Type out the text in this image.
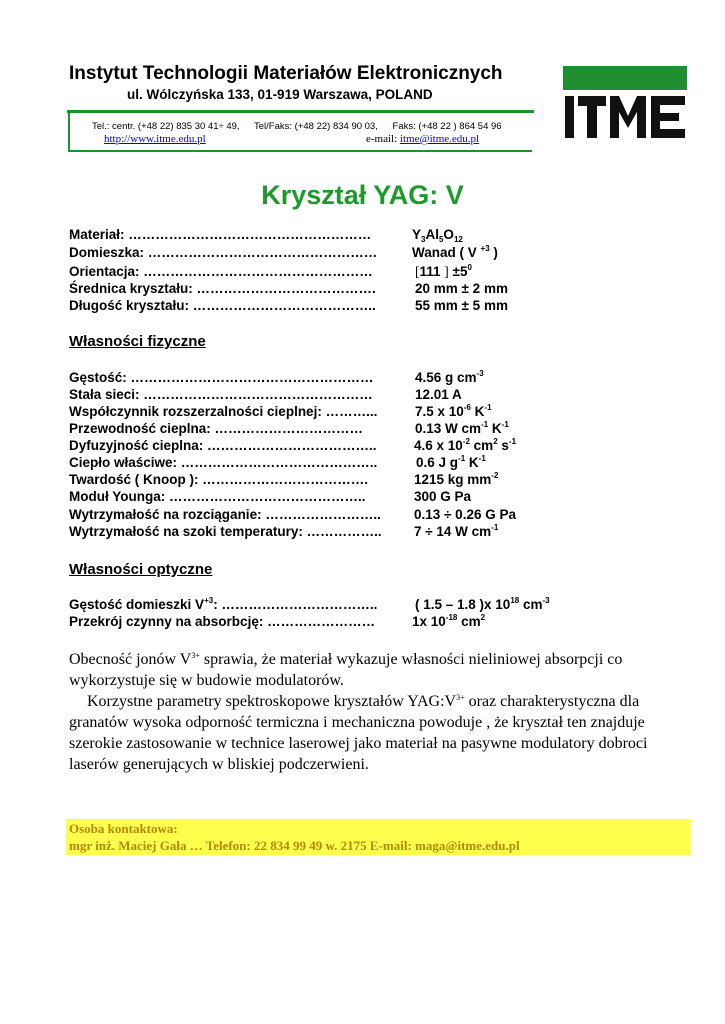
Instytut Technologii Materiałów Elektronicznych
ul. Wólczyńska 133, 01-919 Warszawa, POLAND
Tel.: centr. (+48 22) 835 30 41÷ 49, Tel/Faks: (+48 22) 834 90 03, Faks: (+48 22 ) 864 54 96
http://www.itme.edu.pl	e-mail: itme@itme.edu.pl
Kryształ YAG: V
Materiał: ………………………………………………	$Y_3Al_5O_{12}$
Domieszka: ……………………………………………	Wanad ( V $^{+3}$ )
Orientacja: ……………………………………………	[111 ] $\pm 5^0$
Średnica kryształu: ………………………………….	20 mm ± 2 mm
Długość kryształu: …………………………………..	55 mm ± 5 mm
Własności fizyczne
Gęstość: ………………………………………………	4.56 g $cm^{-3}$
Stała sieci: ……………………………………………	12.01 A
Współczynnik rozszerzalności cieplnej: ………...	7.5 x $10^{-6}$ $K^{-1}$
Przewodność cieplna: ……………………………	0.13 W $cm^{-1}$ $K^{-1}$
Dyfuzyjność cieplna: ………………………………..	4.6 x $10^{-2}$ $cm^2$ $s^{-1}$
Ciepło właściwe: ……………………………………..	0.6 J $g^{-1}$ $K^{-1}$
Twardość ( Knoop ): ……………………………….	1215 kg $mm^{-2}$
Moduł Younga: ……………………………………..	300 G Pa
Wytrzymałość na rozciąganie: …………………….. 0.13 ÷ 0.26 G Pa
Wytrzymałość na szoki temperatury: …………….. 7 ÷ 14 W $cm^{-1}$
Własności optyczne
Gęstość domieszki $V^{+3}$: ……………………………..	( 1.5 – 1.8 )x $10^{18}$ $cm^{-3}$
Przekrój czynny na absorbcję: ……………………	1x $10^{-18}$ $cm^2$

Obecność jonów $V^{3+}$ sprawia, że materiał wykazuje własności nieliniowej absorpcji co wykorzystuje się w budowie modulatorów.

Korzystne parametry spektroskopowe kryształów $YAG:V^{3+}$ oraz charakterystyczna dla granatów wysoka odporność termiczna i mechaniczna powoduje , że kryształ ten znajduje szerokie zastosowanie w technice laserowej jako materiał na pasywne modulatory dobroci laserów generujących w bliskiej podczerwieni.

Osoba kontaktowa:
mgr inż. Maciej Gała … Telefon: 22 834 99 49 w. 2175 E-mail: maga@itme.edu.pl
